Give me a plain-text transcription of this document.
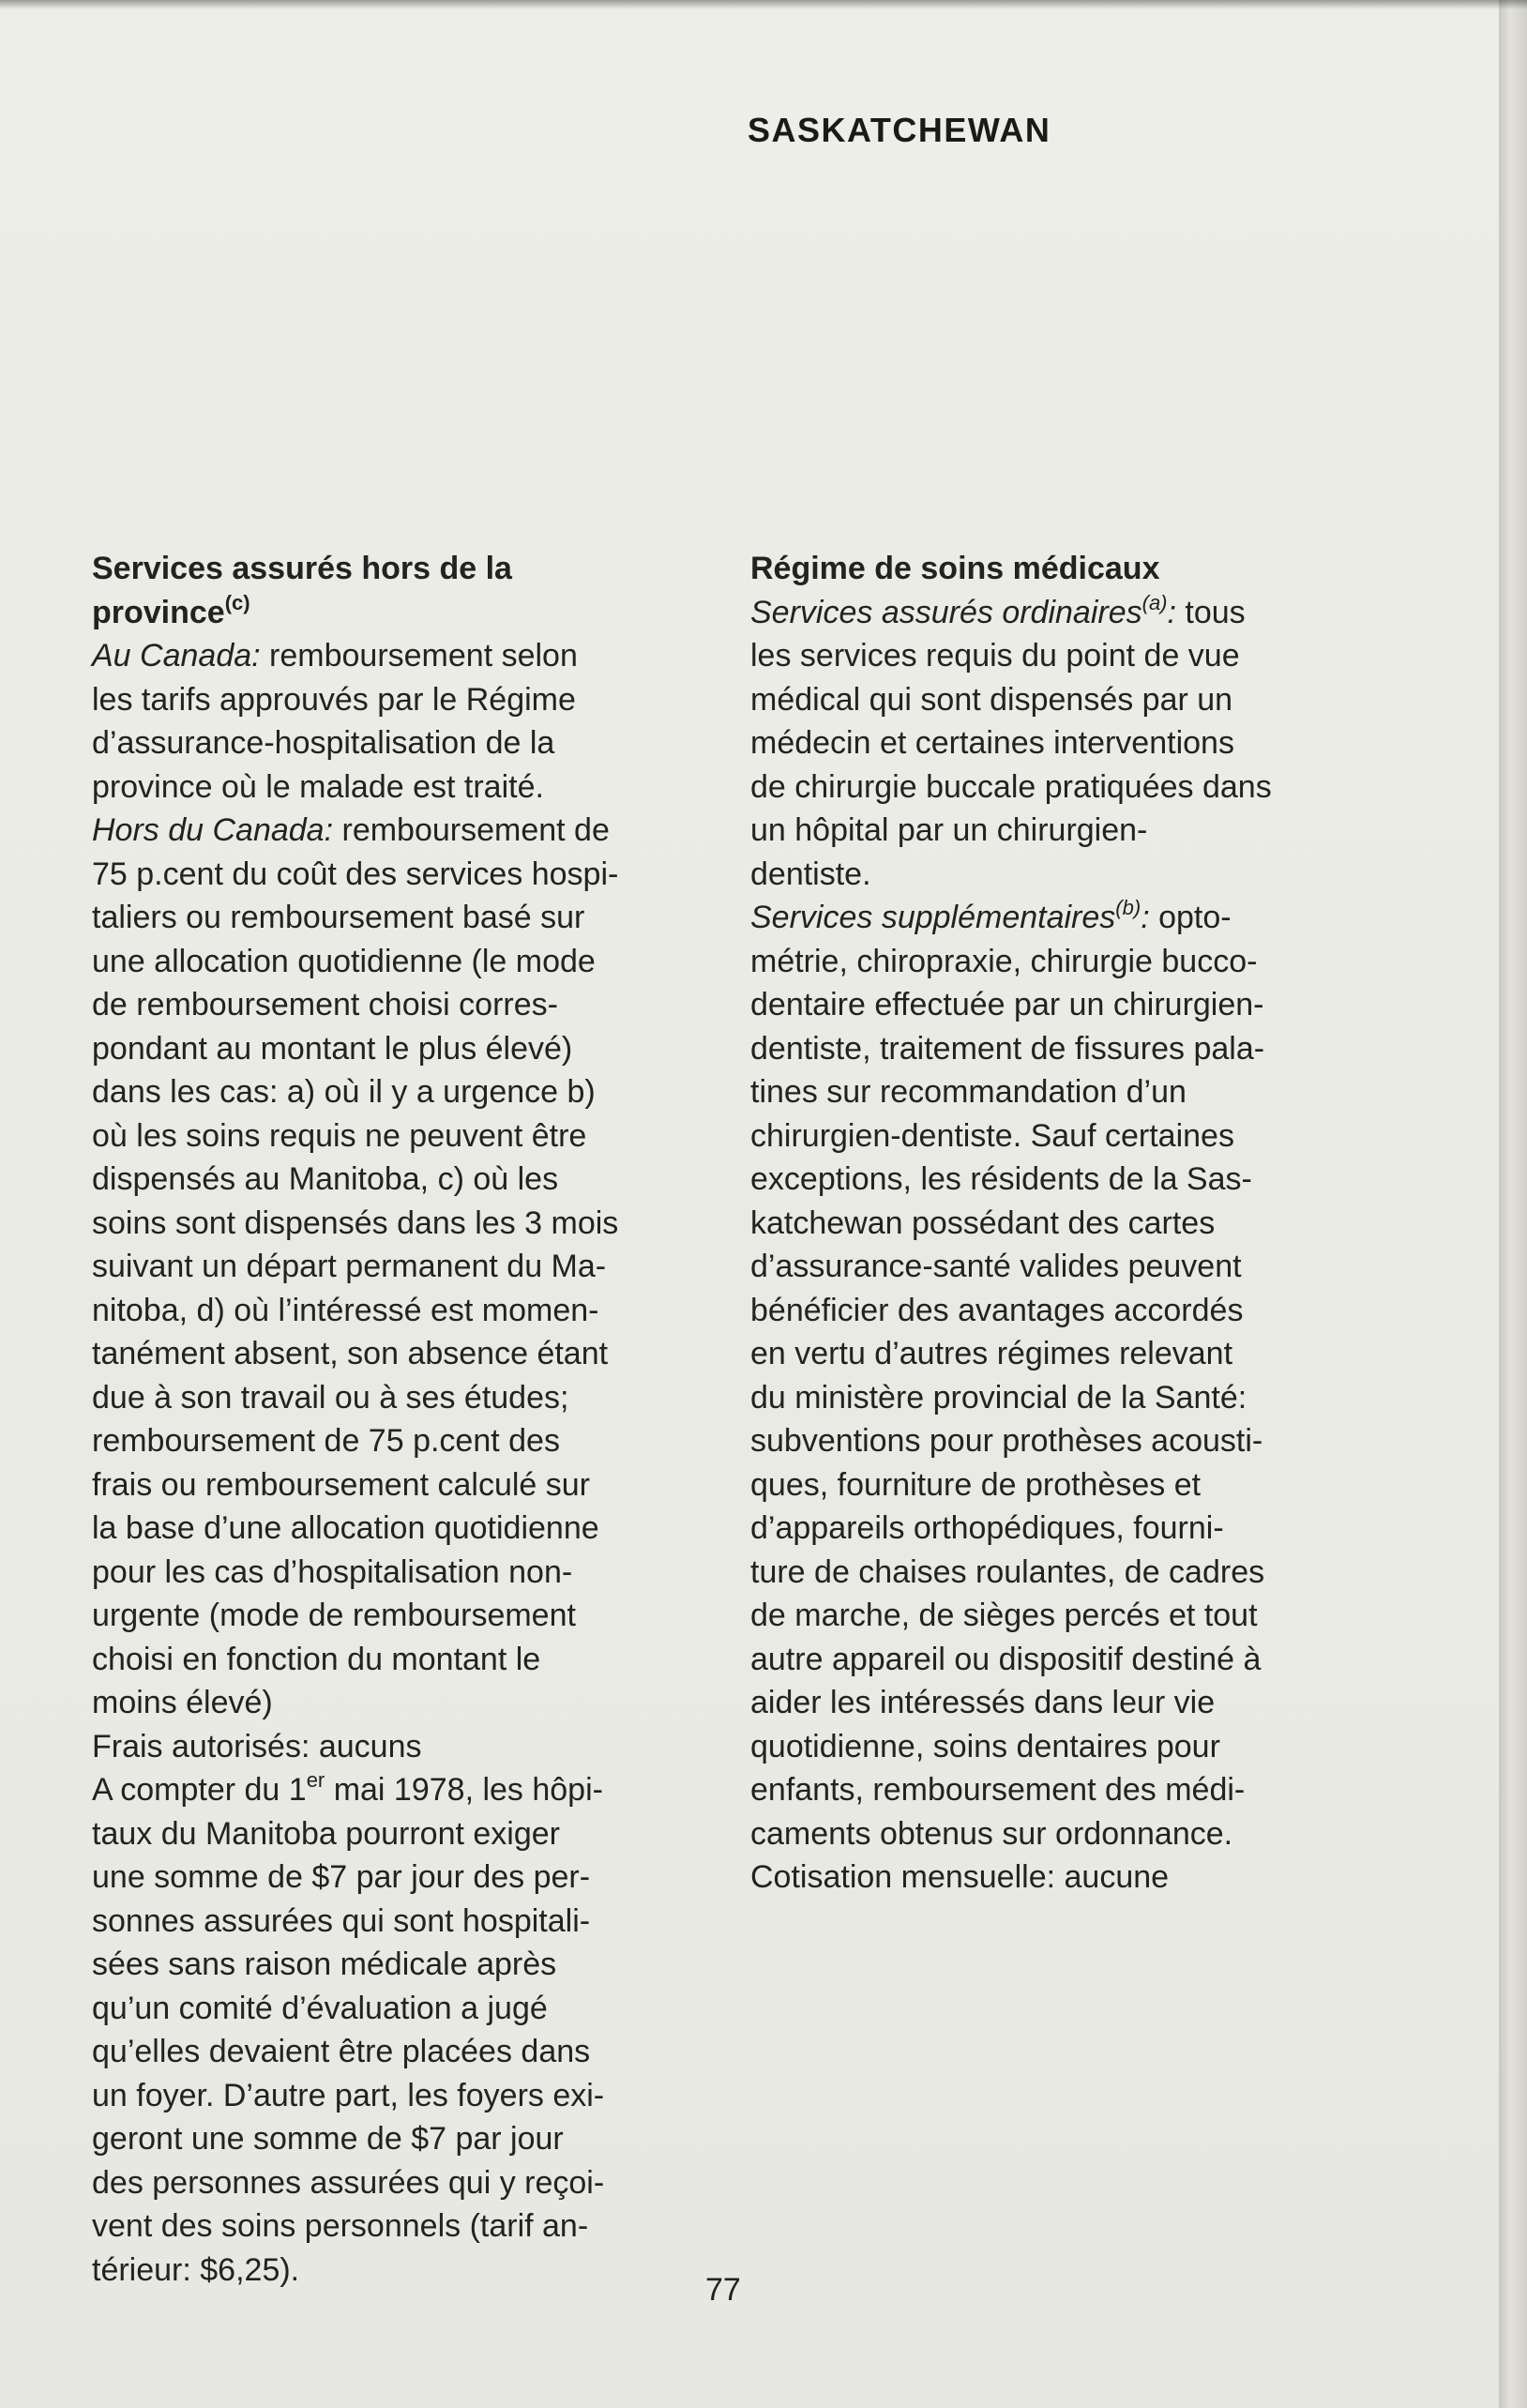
SASKATCHEWAN
Services assurés hors de la
province$^{(c)}$
Au Canada: remboursement selon
les tarifs approuvés par le Régime
d’assurance-hospitalisation de la
province où le malade est traité.
Hors du Canada: remboursement de
75 p.cent du coût des services hospi-
taliers ou remboursement basé sur
une allocation quotidienne (le mode
de remboursement choisi corres-
pondant au montant le plus élevé)
dans les cas: a) où il y a urgence b)
où les soins requis ne peuvent être
dispensés au Manitoba, c) où les
soins sont dispensés dans les 3 mois
suivant un départ permanent du Ma-
nitoba, d) où l’intéressé est momen-
tanément absent, son absence étant
due à son travail ou à ses études;
remboursement de 75 p.cent des
frais ou remboursement calculé sur
la base d’une allocation quotidienne
pour les cas d’hospitalisation non-
urgente (mode de remboursement
choisi en fonction du montant le
moins élevé)
Frais autorisés: aucuns
A compter du 1er mai 1978, les hôpi-
taux du Manitoba pourront exiger
une somme de $7 par jour des per-
sonnes assurées qui sont hospitali-
sées sans raison médicale après
qu’un comité d’évaluation a jugé
qu’elles devaient être placées dans
un foyer. D’autre part, les foyers exi-
geront une somme de $7 par jour
des personnes assurées qui y reçoi-
vent des soins personnels (tarif an-
térieur: $6,25).
Régime de soins médicaux
Services assurés ordinaires$^{(a)}$: tous
les services requis du point de vue
médical qui sont dispensés par un
médecin et certaines interventions
de chirurgie buccale pratiquées dans
un hôpital par un chirurgien-
dentiste.
Services supplémentaires$^{(b)}$: opto-
métrie, chiropraxie, chirurgie bucco-
dentaire effectuée par un chirurgien-
dentiste, traitement de fissures pala-
tines sur recommandation d’un
chirurgien-dentiste. Sauf certaines
exceptions, les résidents de la Sas-
katchewan possédant des cartes
d’assurance-santé valides peuvent
bénéficier des avantages accordés
en vertu d’autres régimes relevant
du ministère provincial de la Santé:
subventions pour prothèses acousti-
ques, fourniture de prothèses et
d’appareils orthopédiques, fourni-
ture de chaises roulantes, de cadres
de marche, de sièges percés et tout
autre appareil ou dispositif destiné à
aider les intéressés dans leur vie
quotidienne, soins dentaires pour
enfants, remboursement des médi-
caments obtenus sur ordonnance.
Cotisation mensuelle: aucune
77
